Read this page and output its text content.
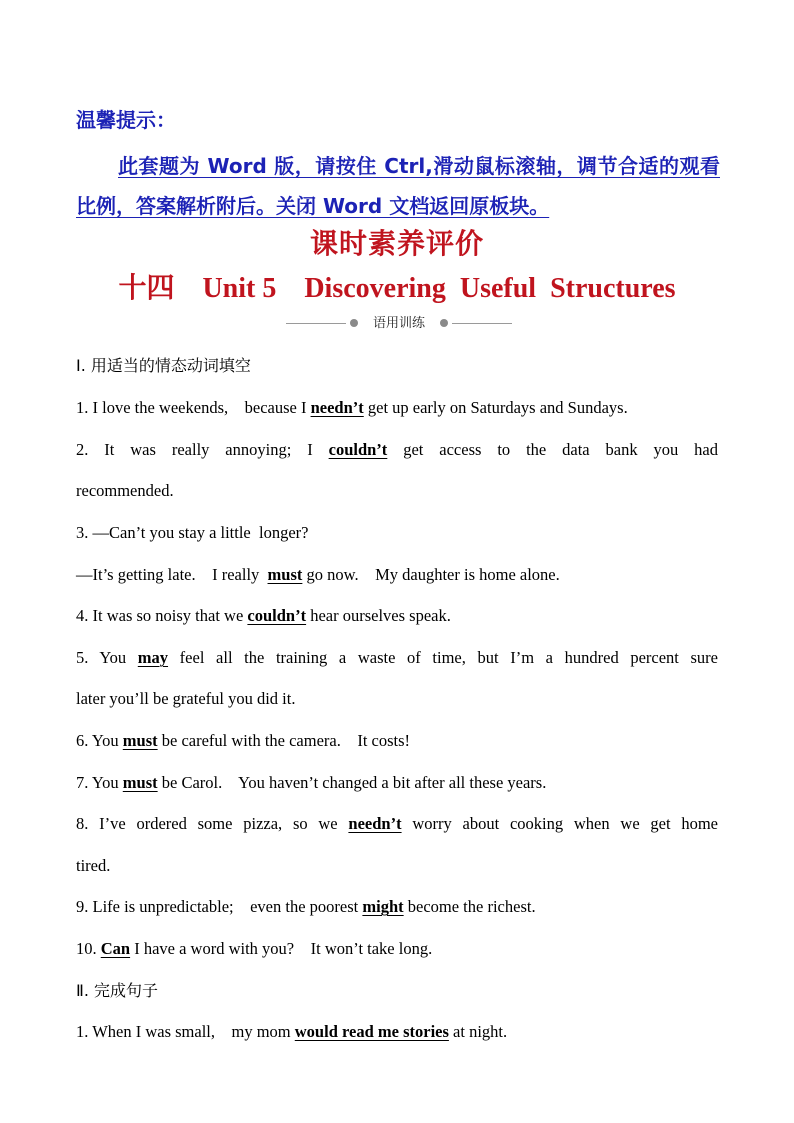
温馨提示：
此套题为 Word 版，请按住 Ctrl,滑动鼠标滚轴，调节合适的观看比例，答案解析附后。关闭 Word 文档返回原板块。
课时素养评价
十四    Unit 5    Discovering  Useful  Structures
语用训练
Ⅰ. 用适当的情态动词填空
1. I love the weekends,    because I needn’t get up early on Saturdays and Sundays.
2. It was really annoying; I couldn’t get access to the data bank you had
recommended.
3. —Can’t you stay a little  longer?
—It’s getting late.    I really  must go now.    My daughter is home alone.
4. It was so noisy that we couldn’t hear ourselves speak.
5. You may feel all the training a waste of time, but I’m a hundred percent sure
later you’ll be grateful you did it.
6. You must be careful with the camera.    It costs!
7. You must be Carol.    You haven’t changed a bit after all these years.
8. I’ve ordered some pizza, so we needn’t worry about cooking when we get home
tired.
9. Life is unpredictable;    even the poorest might become the richest.
10. Can I have a word with you?    It won’t take long.
Ⅱ. 完成句子
1. When I was small,    my mom would read me stories at night.
